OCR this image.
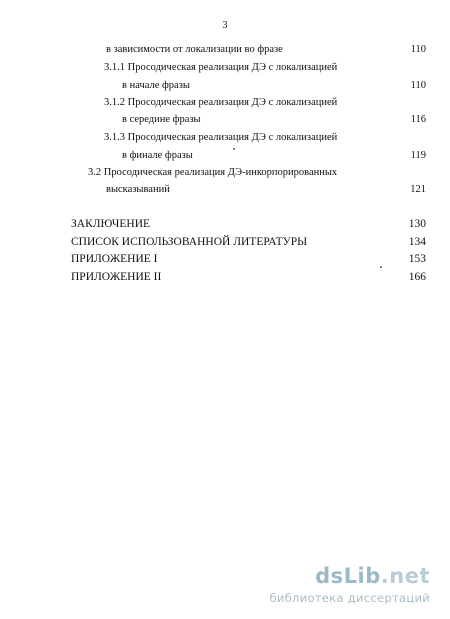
3
в зависимости от локализации во фразе	110
3.1.1 Просодическая реализация ДЭ с локализацией
в начале фразы	110
3.1.2 Просодическая реализация ДЭ с локализацией
в середине фразы	116
3.1.3 Просодическая реализация ДЭ с локализацией
в финале фразы	119
3.2 Просодическая реализация ДЭ-инкорпорированных
высказываний	121
ЗАКЛЮЧЕНИЕ	130
СПИСОК ИСПОЛЬЗОВАННОЙ ЛИТЕРАТУРЫ	134
ПРИЛОЖЕНИЕ I	153
ПРИЛОЖЕНИЕ II	166
dsLib.net
библиотека диссертаций
